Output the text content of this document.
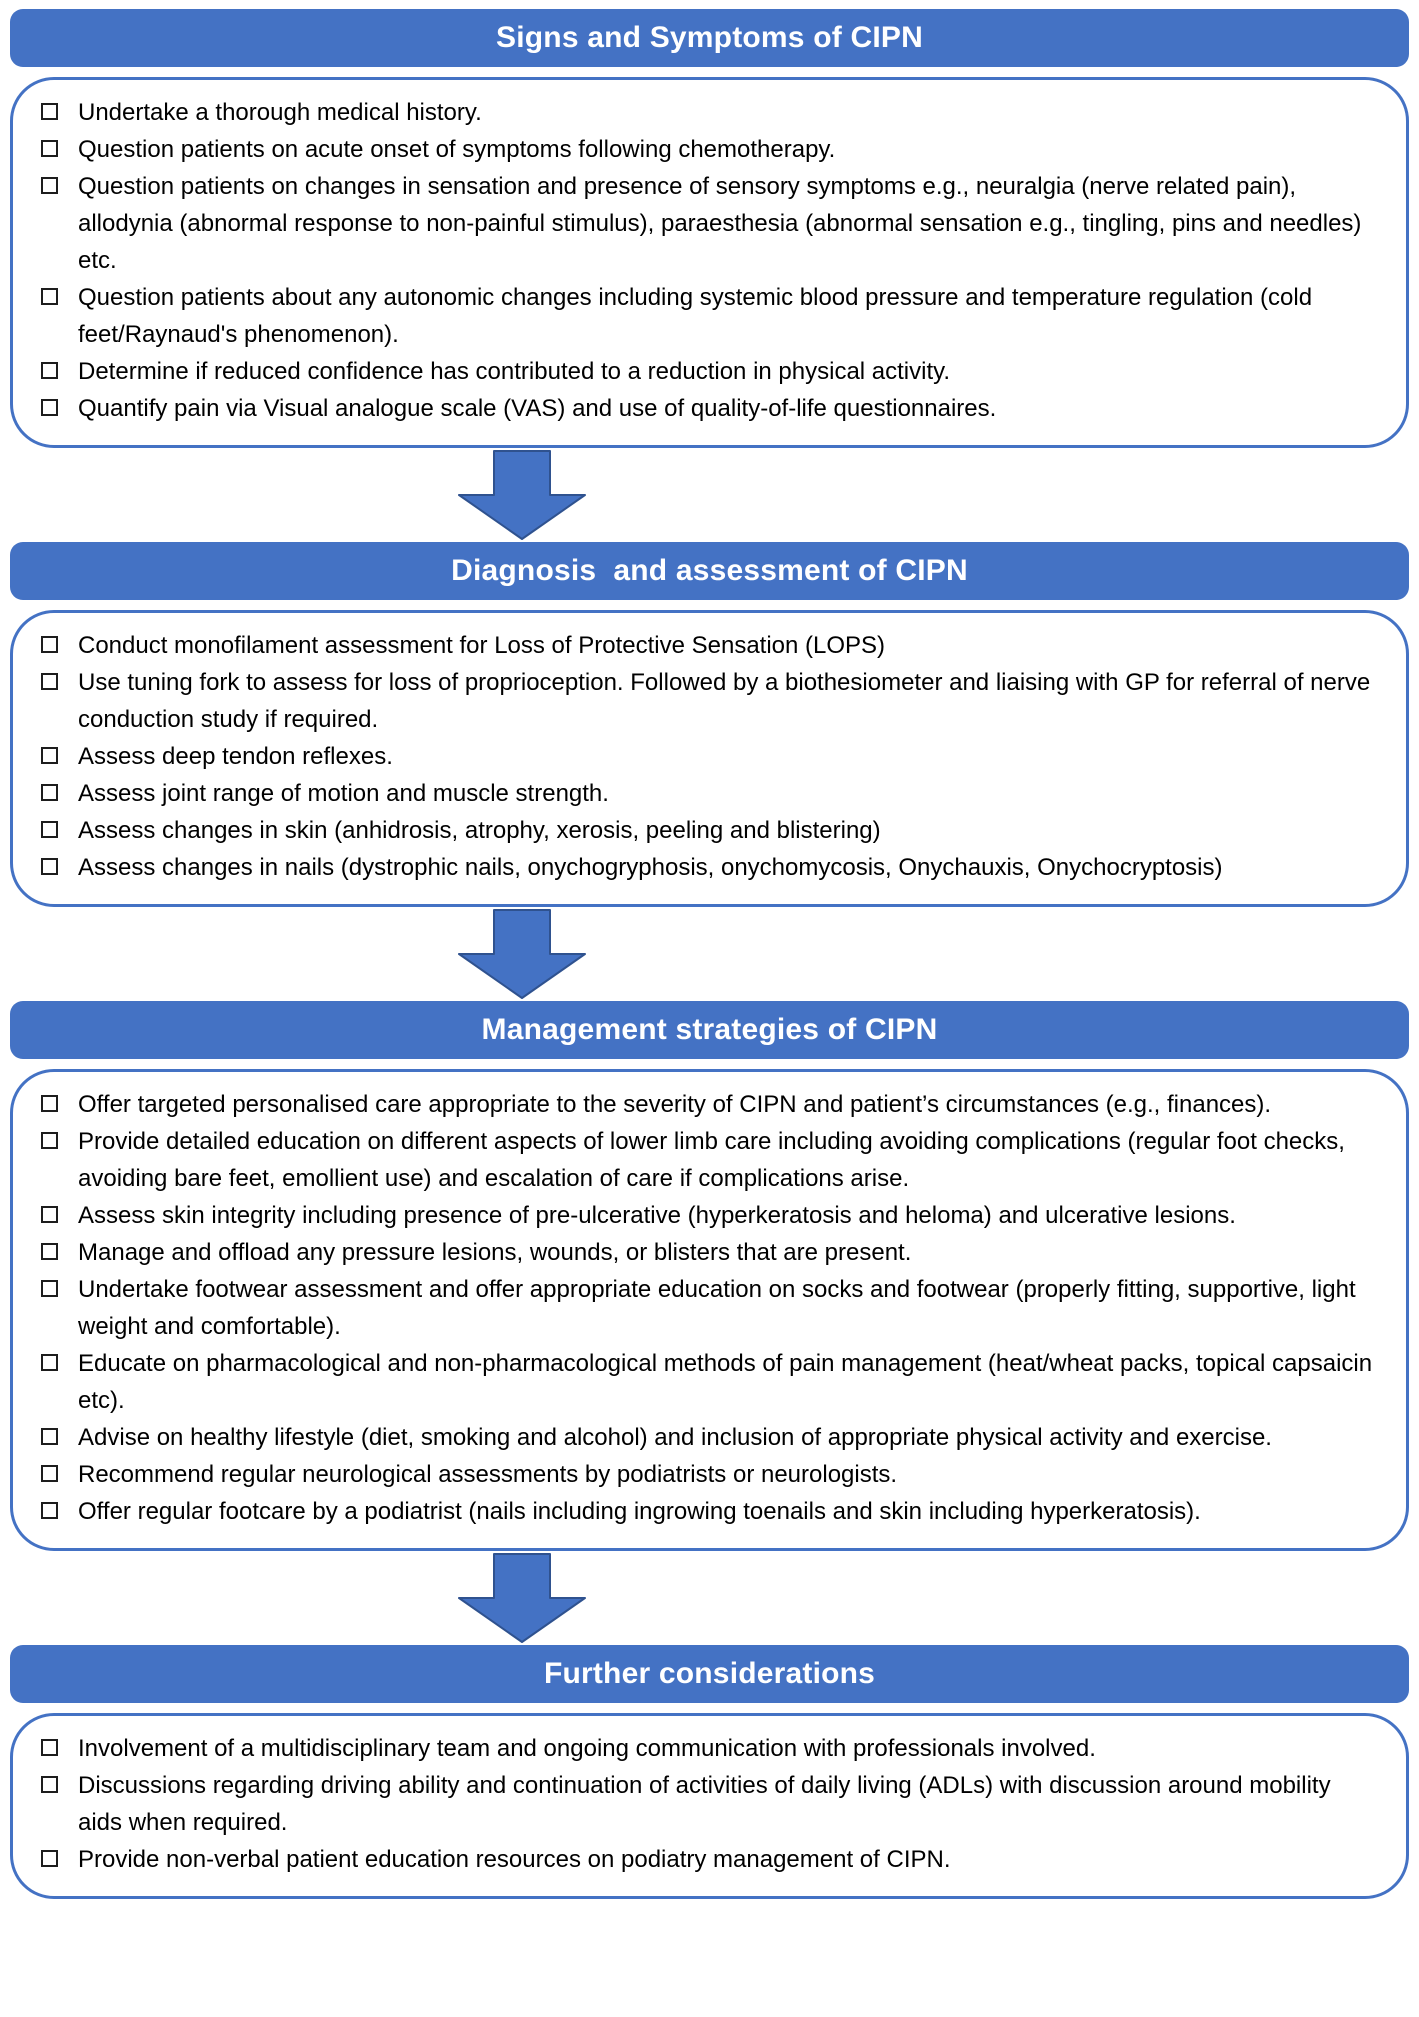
Signs and Symptoms of CIPN
Undertake a thorough medical history.
Question patients on acute onset of symptoms following chemotherapy.
Question patients on changes in sensation and presence of sensory symptoms e.g., neuralgia (nerve related pain), allodynia (abnormal response to non-painful stimulus), paraesthesia (abnormal sensation e.g., tingling, pins and needles) etc.
Question patients about any autonomic changes including systemic blood pressure and temperature regulation (cold feet/Raynaud's phenomenon).
Determine if reduced confidence has contributed to a reduction in physical activity.
Quantify pain via Visual analogue scale (VAS) and use of quality-of-life questionnaires.
Diagnosis  and assessment of CIPN
Conduct monofilament assessment for Loss of Protective Sensation (LOPS)
Use tuning fork to assess for loss of proprioception. Followed by a biothesiometer and liaising with GP for referral of nerve conduction study if required.
Assess deep tendon reflexes.
Assess joint range of motion and muscle strength.
Assess changes in skin (anhidrosis, atrophy, xerosis, peeling and blistering)
Assess changes in nails (dystrophic nails, onychogryphosis, onychomycosis, Onychauxis, Onychocryptosis)
Management strategies of CIPN
Offer targeted personalised care appropriate to the severity of CIPN and patient’s circumstances (e.g., finances).
Provide detailed education on different aspects of lower limb care including avoiding complications (regular foot checks, avoiding bare feet, emollient use) and escalation of care if complications arise.
Assess skin integrity including presence of pre-ulcerative (hyperkeratosis and heloma) and ulcerative lesions.
Manage and offload any pressure lesions, wounds, or blisters that are present.
Undertake footwear assessment and offer appropriate education on socks and footwear (properly fitting, supportive, light weight and comfortable).
Educate on pharmacological and non-pharmacological methods of pain management (heat/wheat packs, topical capsaicin etc).
Advise on healthy lifestyle (diet, smoking and alcohol) and inclusion of appropriate physical activity and exercise.
Recommend regular neurological assessments by podiatrists or neurologists.
Offer regular footcare by a podiatrist (nails including ingrowing toenails and skin including hyperkeratosis).
Further considerations
Involvement of a multidisciplinary team and ongoing communication with professionals involved.
Discussions regarding driving ability and continuation of activities of daily living (ADLs) with discussion around mobility aids when required.
Provide non-verbal patient education resources on podiatry management of CIPN.
